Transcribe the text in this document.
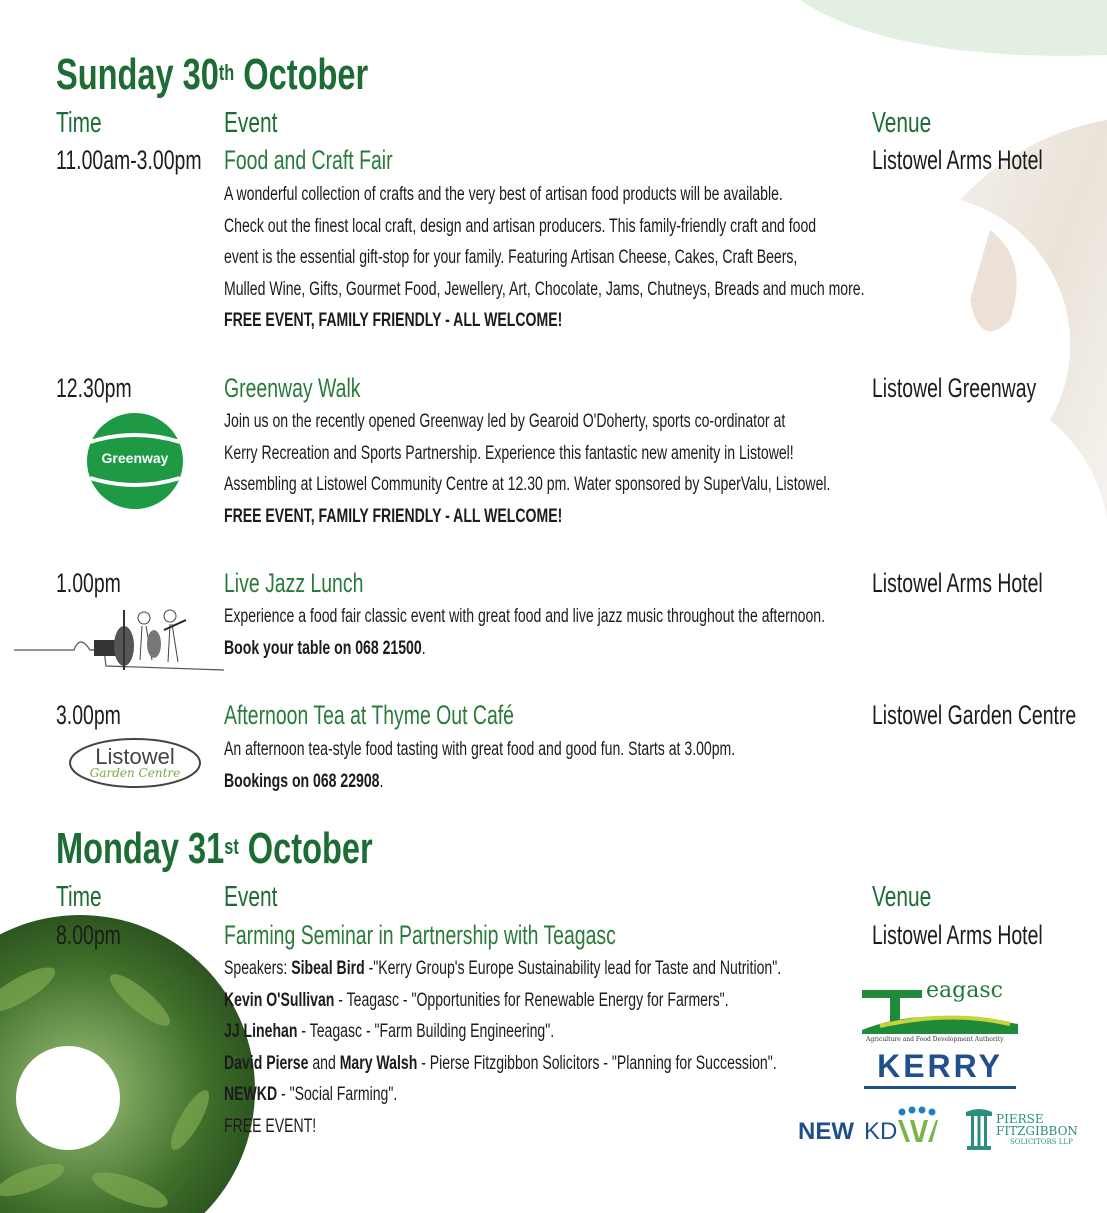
Sunday 30th October
Time	Event	Venue
11.00am-3.00pm Food and Craft Fair	Listowel Arms Hotel
A wonderful collection of crafts and the very best of artisan food products will be available.
Check out the finest local craft, design and artisan producers. This family-friendly craft and food
event is the essential gift-stop for your family. Featuring Artisan Cheese, Cakes, Craft Beers,
Mulled Wine, Gifts, Gourmet Food, Jewellery, Art, Chocolate, Jams, Chutneys, Breads and much more.
FREE EVENT, FAMILY FRIENDLY - ALL WELCOME!
12.30pm	Greenway Walk	Listowel Greenway
Greenway
Join us on the recently opened Greenway led by Gearoid O'Doherty, sports co-ordinator at
Kerry Recreation and Sports Partnership. Experience this fantastic new amenity in Listowel!
Assembling at Listowel Community Centre at 12.30 pm. Water sponsored by SuperValu, Listowel.
FREE EVENT, FAMILY FRIENDLY - ALL WELCOME!
1.00pm	Live Jazz Lunch	Listowel Arms Hotel
Experience a food fair classic event with great food and live jazz music throughout the afternoon.
Book your table on 068 21500.
3.00pm	Afternoon Tea at Thyme Out Café	Listowel Garden Centre
Listowel
Garden Centre
An afternoon tea-style food tasting with great food and good fun. Starts at 3.00pm.
Bookings on 068 22908.
Monday 31st October
Time	Event	Venue
8.00pm	Farming Seminar in Partnership with Teagasc	Listowel Arms Hotel
Speakers: Sibeal Bird -"Kerry Group's Europe Sustainability lead for Taste and Nutrition".
Kevin O'Sullivan - Teagasc - "Opportunities for Renewable Energy for Farmers".
JJ Linehan - Teagasc - "Farm Building Engineering".
David Pierse and Mary Walsh - Pierse Fitzgibbon Solicitors - "Planning for Succession".
NEWKD - "Social Farming".
FREE EVENT!
eagasc
Agriculture and Food Development Authority
KERRY
NEW KD	PIERSE
FITZGIBBON
SOLICITORS LLP
